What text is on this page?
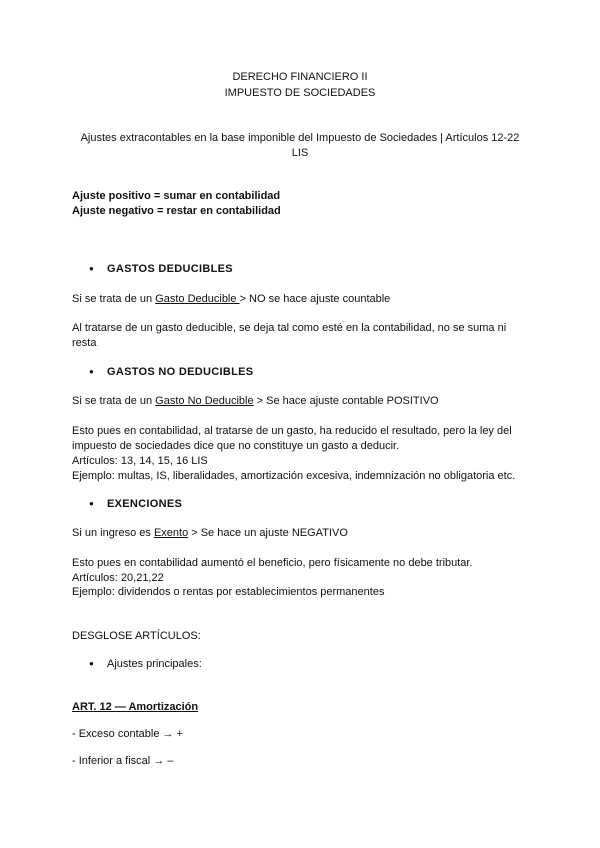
DERECHO FINANCIERO II
IMPUESTO DE SOCIEDADES
Ajustes extracontables en la base imponible del Impuesto de Sociedades | Artículos 12-22
LIS
Ajuste positivo = sumar en contabilidad
Ajuste negativo = restar en contabilidad
●GASTOS DEDUCIBLES
Si se trata de un Gasto Deducible > NO se hace ajuste countable
Al tratarse de un gasto deducible, se deja tal como esté en la contabilidad, no se suma ni
resta
●GASTOS NO DEDUCIBLES
Si se trata de un Gasto No Deducible > Se hace ajuste contable POSITIVO
Esto pues en contabilidad, al tratarse de un gasto, ha reducido el resultado, pero la ley del
impuesto de sociedades dice que no constituye un gasto a deducir.
Artículos: 13, 14, 15, 16 LIS
Ejemplo: multas, IS, liberalidades, amortización excesiva, indemnización no obligatoria etc.
●EXENCIONES
Si un ingreso es Exento > Se hace un ajuste NEGATIVO
Esto pues en contabilidad aumentó el beneficio, pero físicamente no debe tributar.
Artículos: 20,21,22
Ejemplo: dividendos o rentas por establecimientos permanentes
DESGLOSE ARTÍCULOS:
●Ajustes principales:
ART. 12 — Amortización
- Exceso contable → +
- Inferior a fiscal → –
